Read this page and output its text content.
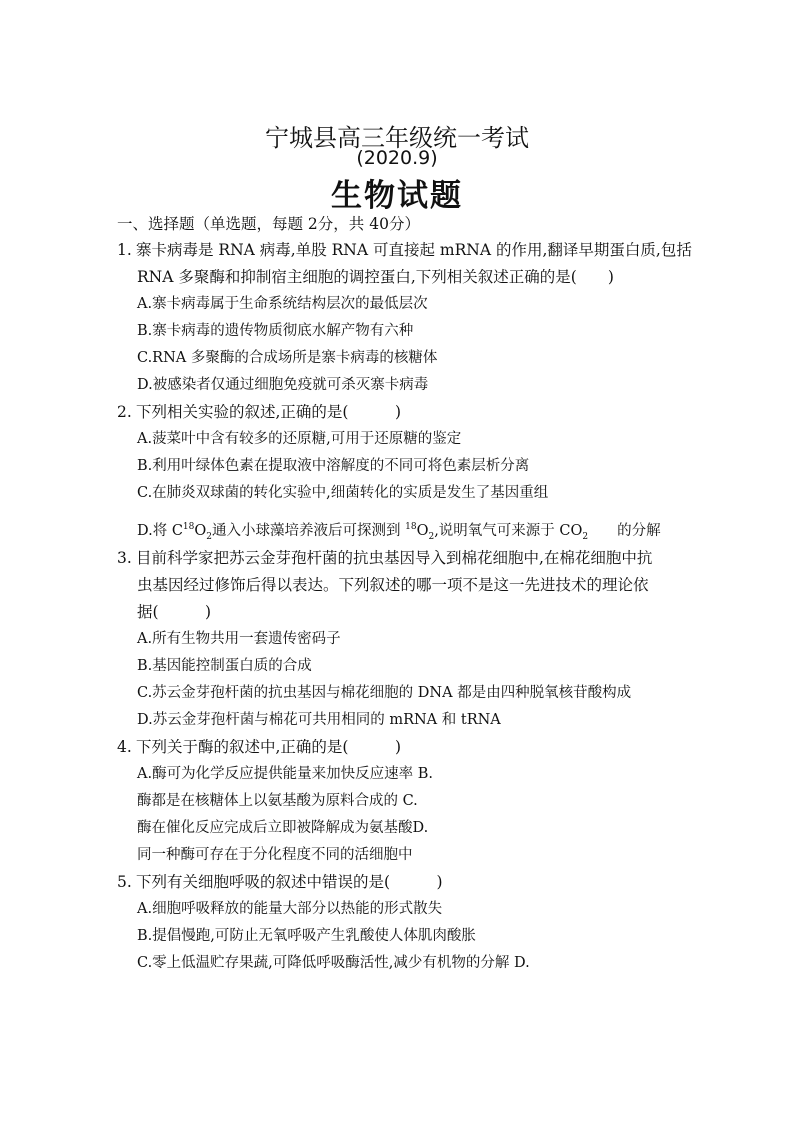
宁城县高三年级统一考试
(2020.9)
生物试题
一、选择题（单选题，每题 2分，共 40分）
1. 寨卡病毒是 RNA 病毒,单股 RNA 可直接起 mRNA 的作用,翻译早期蛋白质,包括
RNA 多聚酶和抑制宿主细胞的调控蛋白,下列相关叙述正确的是(　　)
A.寨卡病毒属于生命系统结构层次的最低层次
B.寨卡病毒的遗传物质彻底水解产物有六种
C.RNA 多聚酶的合成场所是寨卡病毒的核糖体
D.被感染者仅通过细胞免疫就可杀灭寨卡病毒
2. 下列相关实验的叙述,正确的是(　　　)
A.菠菜叶中含有较多的还原糖,可用于还原糖的鉴定
B.利用叶绿体色素在提取液中溶解度的不同可将色素层析分离
C.在肺炎双球菌的转化实验中,细菌转化的实质是发生了基因重组
D.将 $C^{18}O_2$通入小球藻培养液后可探测到 $^{18}O_2$,说明氧气可来源于 $CO_2$　　的分解
3. 目前科学家把苏云金芽孢杆菌的抗虫基因导入到棉花细胞中,在棉花细胞中抗
虫基因经过修饰后得以表达。下列叙述的哪一项不是这一先进技术的理论依
据(　　　)
A.所有生物共用一套遗传密码子
B.基因能控制蛋白质的合成
C.苏云金芽孢杆菌的抗虫基因与棉花细胞的 DNA 都是由四种脱氧核苷酸构成
D.苏云金芽孢杆菌与棉花可共用相同的 mRNA 和 tRNA
4. 下列关于酶的叙述中,正确的是(　　　)
A.酶可为化学反应提供能量来加快反应速率 B.
酶都是在核糖体上以氨基酸为原料合成的 C.
酶在催化反应完成后立即被降解成为氨基酸D.
同一种酶可存在于分化程度不同的活细胞中
5. 下列有关细胞呼吸的叙述中错误的是(　　　)
A.细胞呼吸释放的能量大部分以热能的形式散失
B.提倡慢跑,可防止无氧呼吸产生乳酸使人体肌肉酸胀
C.零上低温贮存果蔬,可降低呼吸酶活性,减少有机物的分解 D.
